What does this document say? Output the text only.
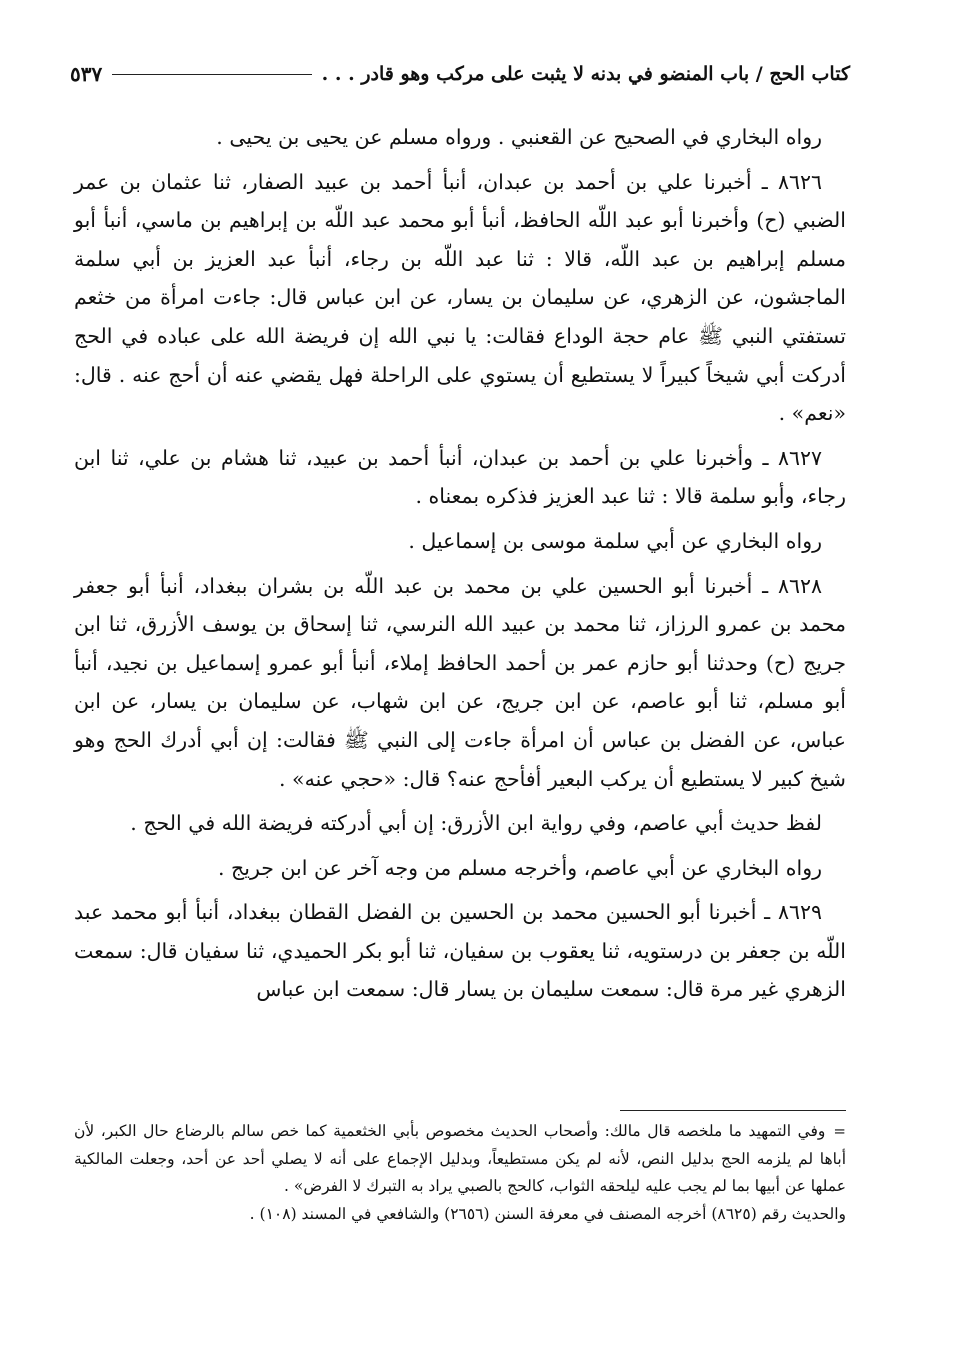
كتاب الحج / باب المنضو في بدنه لا يثبت على مركب وهو قادر . . .
٥٣٧

رواه البخاري في الصحيح عن القعنبي . ورواه مسلم عن يحيى بن يحيى .

٨٦٢٦ ـ أخبرنا علي بن أحمد بن عبدان، أنبأ أحمد بن عبيد الصفار، ثنا عثمان بن عمر الضبي (ح) وأخبرنا أبو عبد اللّه الحافظ، أنبأ أبو محمد عبد اللّه بن إبراهيم بن ماسي، أنبأ أبو مسلم إبراهيم بن عبد اللّه، قالا : ثنا عبد اللّه بن رجاء، أنبأ عبد العزيز بن أبي سلمة الماجشون، عن الزهري، عن سليمان بن يسار، عن ابن عباس قال: جاءت امرأة من خثعم تستفتي النبي ﷺ عام حجة الوداع فقالت: يا نبي الله إن فريضة الله على عباده في الحج أدركت أبي شيخاً كبيراً لا يستطيع أن يستوي على الراحلة فهل يقضي عنه أن أحج عنه . قال: «نعم» .

٨٦٢٧ ـ وأخبرنا علي بن أحمد بن عبدان، أنبأ أحمد بن عبيد، ثنا هشام بن علي، ثنا ابن رجاء، وأبو سلمة قالا : ثنا عبد العزيز فذكره بمعناه .

رواه البخاري عن أبي سلمة موسى بن إسماعيل .

٨٦٢٨ ـ أخبرنا أبو الحسين علي بن محمد بن عبد اللّه بن بشران ببغداد، أنبأ أبو جعفر محمد بن عمرو الرزاز، ثنا محمد بن عبيد الله النرسي، ثنا إسحاق بن يوسف الأزرق، ثنا ابن جريج (ح) وحدثنا أبو حازم عمر بن أحمد الحافظ إملاء، أنبأ أبو عمرو إسماعيل بن نجيد، أنبأ أبو مسلم، ثنا أبو عاصم، عن ابن جريج، عن ابن شهاب، عن سليمان بن يسار، عن ابن عباس، عن الفضل بن عباس أن امرأة جاءت إلى النبي ﷺ فقالت: إن أبي أدرك الحج وهو شيخ كبير لا يستطيع أن يركب البعير أفأحج عنه؟ قال: «حجي عنه» .

لفظ حديث أبي عاصم، وفي رواية ابن الأزرق: إن أبي أدركته فريضة الله في الحج .

رواه البخاري عن أبي عاصم، وأخرجه مسلم من وجه آخر عن ابن جريج .

٨٦٢٩ ـ أخبرنا أبو الحسين محمد بن الحسين بن الفضل القطان ببغداد، أنبأ أبو محمد عبد اللّه بن جعفر بن درستويه، ثنا يعقوب بن سفيان، ثنا أبو بكر الحميدي، ثنا سفيان قال: سمعت الزهري غير مرة قال: سمعت سليمان بن يسار قال: سمعت ابن عباس

=وفي التمهيد ما ملخصه قال مالك: وأصحاب الحديث مخصوص بأبي الخثعمية كما خص سالم بالرضاع حال الكبر، لأن أباها لم يلزمه الحج بدليل النص، لأنه لم يكن مستطيعاً، وبدليل الإجماع على أنه لا يصلي أحد عن أحد، وجعلت المالكية عملها عن أبيها بما لم يجب عليه ليلحقه الثواب، كالحج بالصبي يراد به التبرك لا الفرض» .

والحديث رقم (٨٦٢٥) أخرجه المصنف في معرفة السنن (٢٦٥٦) والشافعي في المسند (١٠٨) .
